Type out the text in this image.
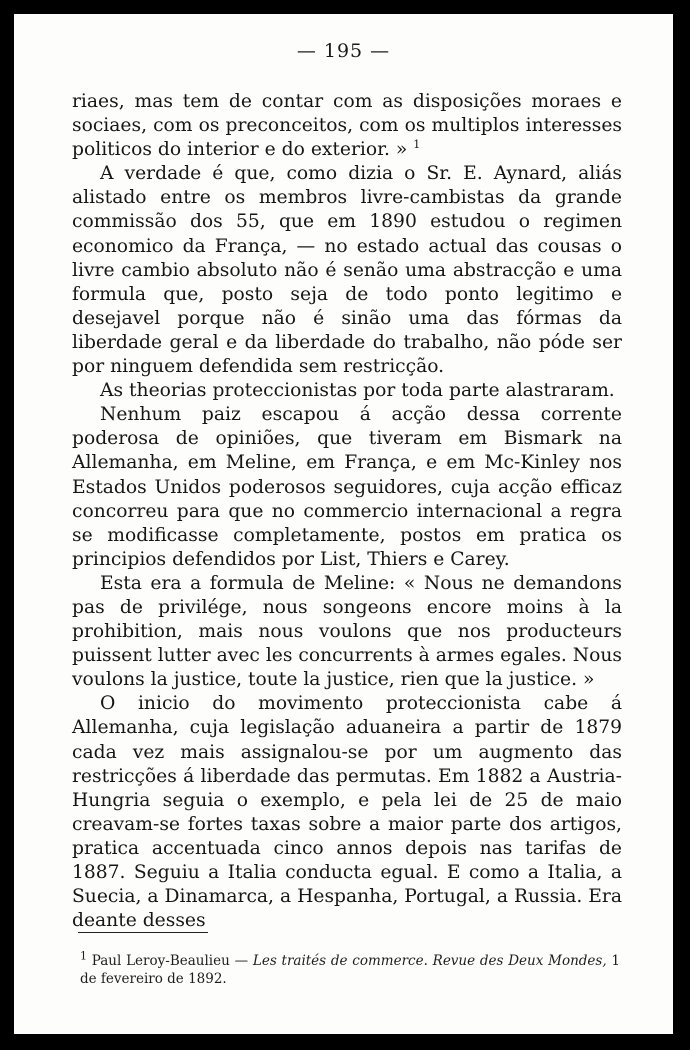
— 195 —

riaes, mas tem de contar com as disposições moraes e sociaes, com os preconceitos, com os multiplos interesses politicos do interior e do exterior. » $^1$

A verdade é que, como dizia o Sr. E. Aynard, aliás alistado entre os membros livre-cambistas da grande commissão dos 55, que em 1890 estudou o regimen economico da França, — no estado actual das cousas o livre cambio absoluto não é senão uma abstracção e uma formula que, posto seja de todo ponto legitimo e desejavel porque não é sinão uma das fórmas da liberdade geral e da liberdade do trabalho, não póde ser por ninguem defendida sem restricção.

As theorias proteccionistas por toda parte alastraram.

Nenhum paiz escapou á acção dessa corrente poderosa de opiniões, que tiveram em Bismark na Allemanha, em Meline, em França, e em Mc-Kinley nos Estados Unidos poderosos seguidores, cuja acção efficaz concorreu para que no commercio internacional a regra se modificasse completamente, postos em pratica os principios defendidos por List, Thiers e Carey.

Esta era a formula de Meline: « Nous ne demandons pas de privilége, nous songeons encore moins à la prohibition, mais nous voulons que nos producteurs puissent lutter avec les concurrents à armes egales. Nous voulons la justice, toute la justice, rien que la justice. »

O inicio do movimento proteccionista cabe á Allemanha, cuja legislação aduaneira a partir de 1879 cada vez mais assignalou-se por um augmento das restricções á liberdade das permutas. Em 1882 a Austria-Hungria seguia o exemplo, e pela lei de 25 de maio creavam-se fortes taxas sobre a maior parte dos artigos, pratica accentuada cinco annos depois nas tarifas de 1887. Seguiu a Italia conducta egual. E como a Italia, a Suecia, a Dinamarca, a Hespanha, Portugal, a Russia. Era deante desses

$^1$ Paul Leroy-Beaulieu — Les traités de commerce. Revue des Deux Mondes, 1 de fevereiro de 1892.
